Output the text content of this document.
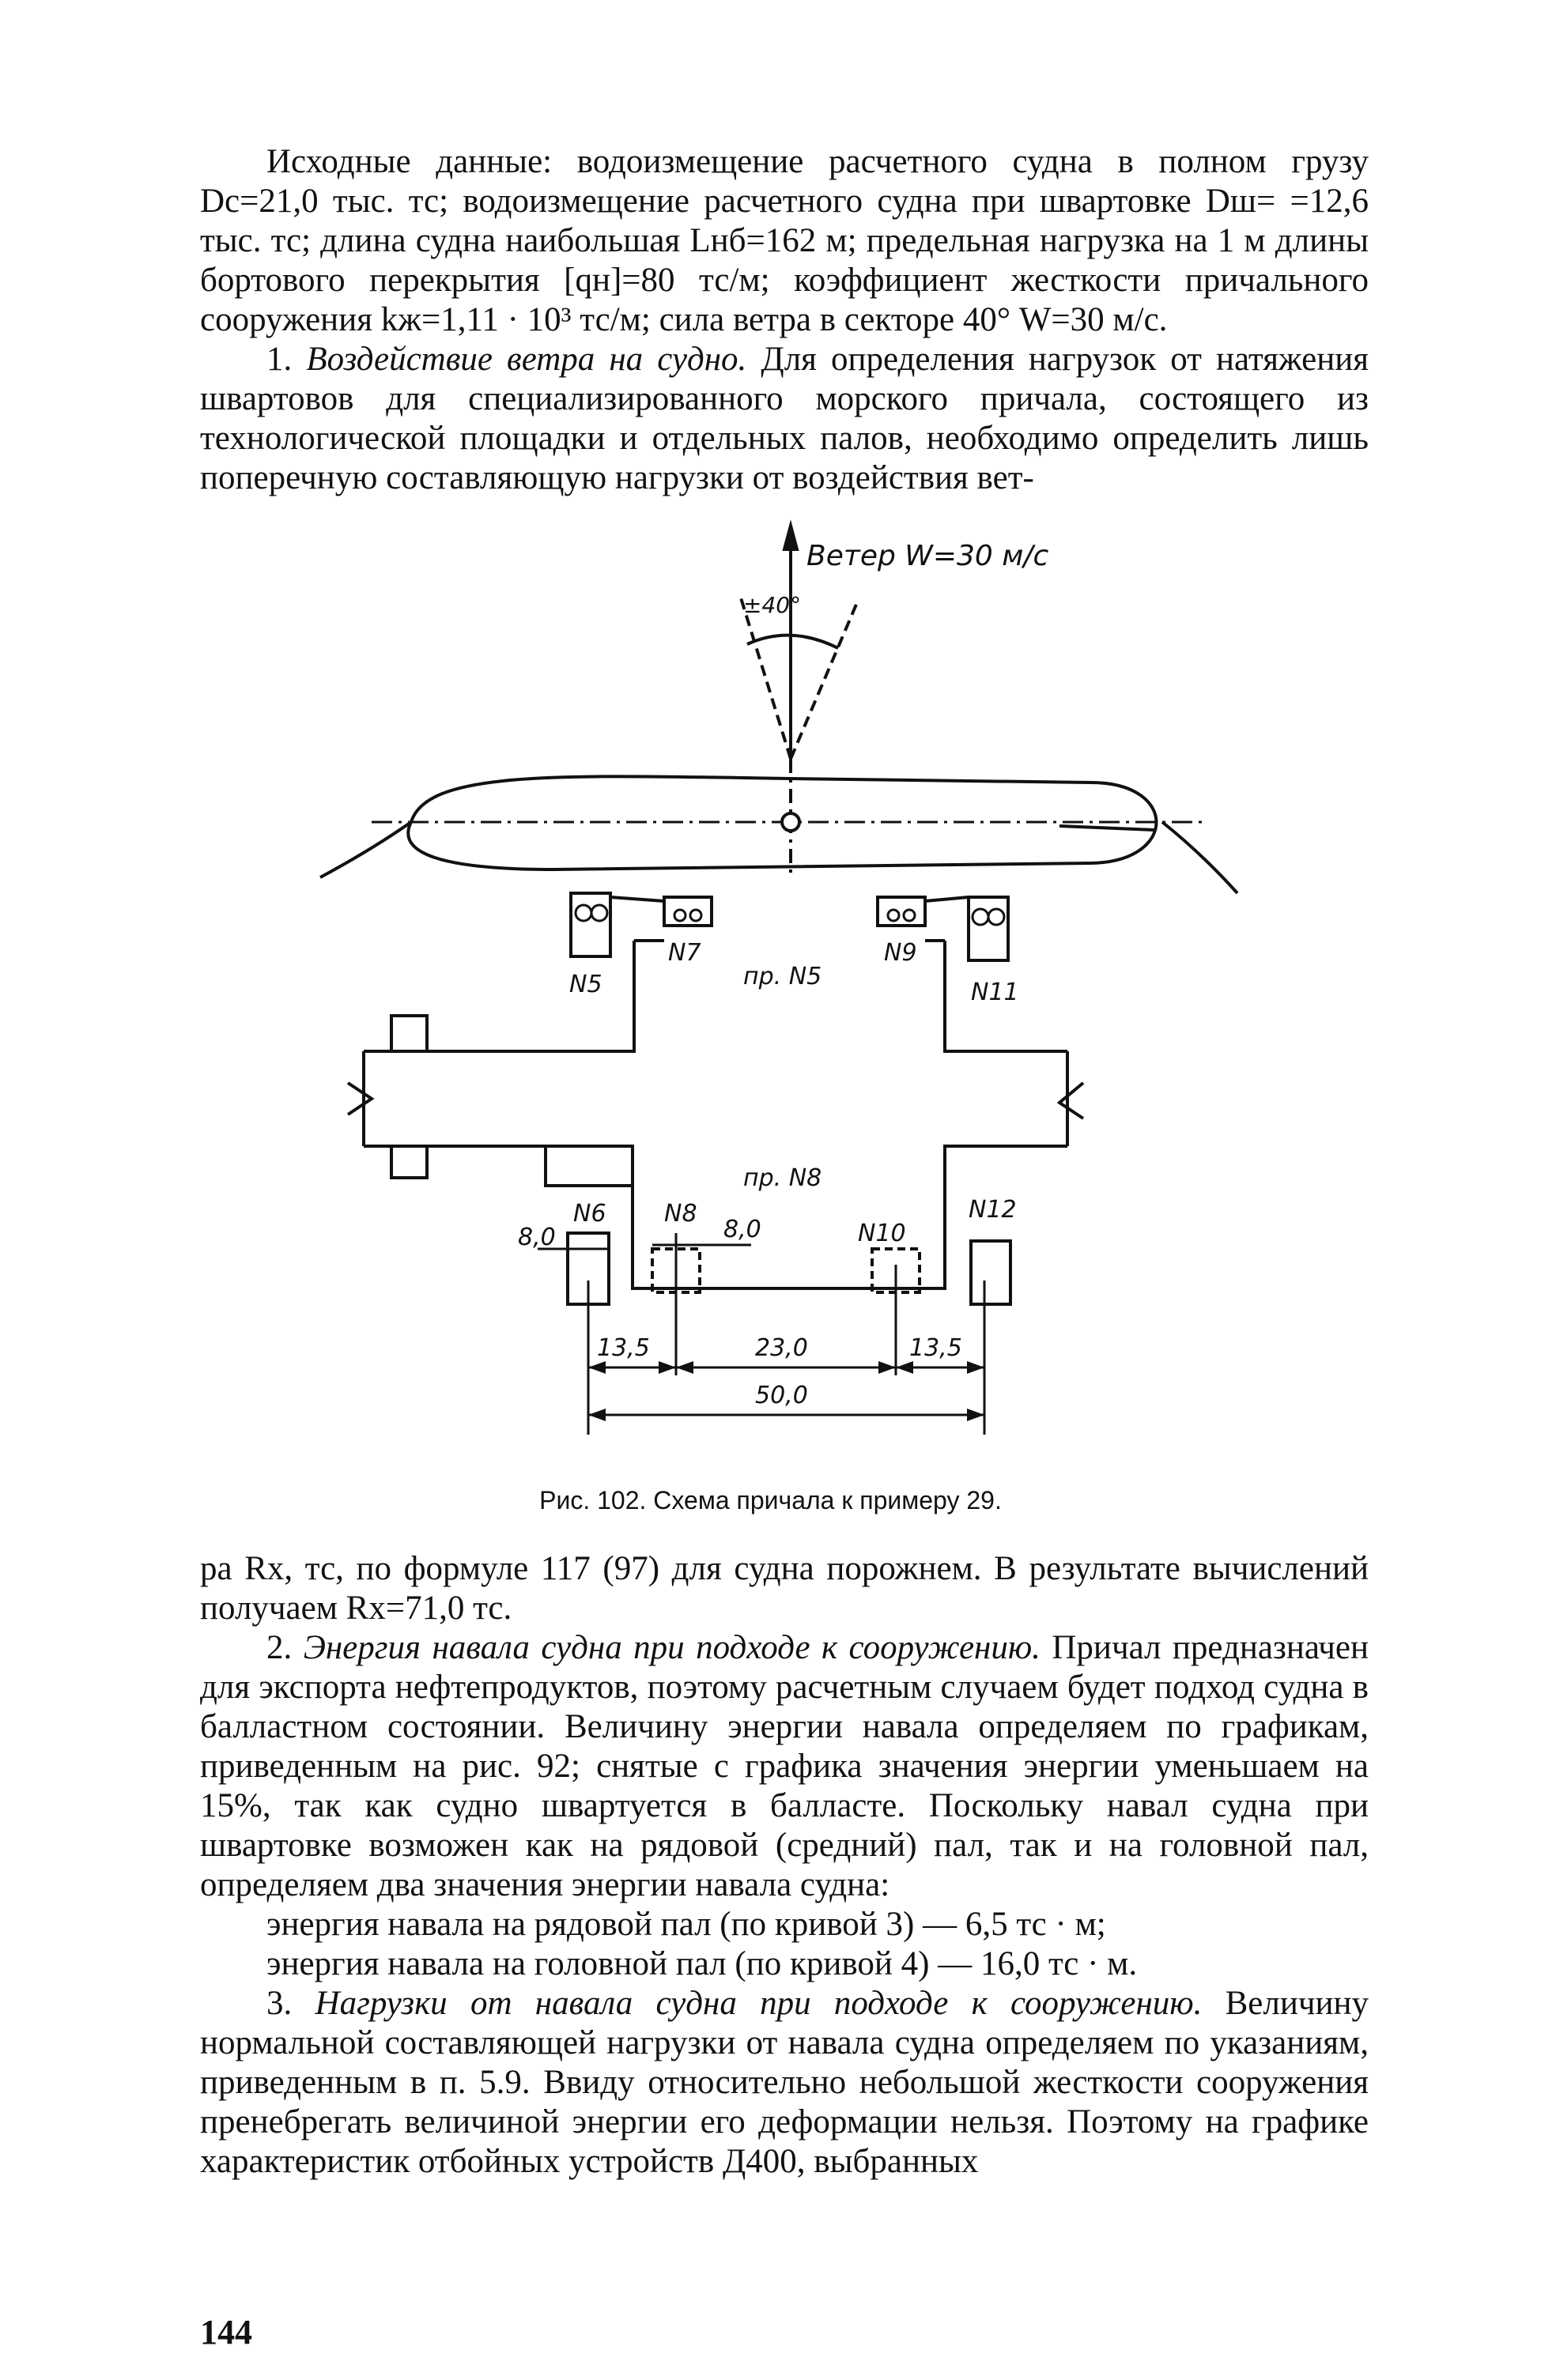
Исходные данные: водоизмещение расчетного судна в полном грузу Dс=21,0 тыс. тс; водоизмещение расчетного судна при швартовке Dш= =12,6 тыс. тс; длина судна наибольшая Lнб=162 м; предельная нагрузка на 1 м длины бортового перекрытия [qн]=80 тс/м; коэффициент жесткости причального сооружения kж=1,11 · 10³ тс/м; сила ветра в секторе 40° W=30 м/с.

1. Воздействие ветра на судно. Для определения нагрузок от натяжения швартовов для специализированного морского причала, состоящего из технологической площадки и отдельных палов, необходимо определить лишь поперечную составляющую нагрузки от воздействия вет-

Ветер W=30 м/с
±40°
N5
N7	N9
N11
пр. N5
пр. N8
N6 N8
N10
N12
8,0	8,0
13,5	23,0	13,5
50,0
Рис. 102. Схема причала к примеру 29.

ра Rx, тс, по формуле 117 (97) для судна порожнем. В результате вычислений получаем Rx=71,0 тс.

2. Энергия навала судна при подходе к сооружению. Причал предназначен для экспорта нефтепродуктов, поэтому расчетным случаем будет подход судна в балластном состоянии. Величину энергии навала определяем по графикам, приведенным на рис. 92; снятые с графика значения энергии уменьшаем на 15%, так как судно швартуется в балласте. Поскольку навал судна при швартовке возможен как на рядовой (средний) пал, так и на головной пал, определяем два значения энергии навала судна:

энергия навала на рядовой пал (по кривой 3) — 6,5 тс · м;

энергия навала на головной пал (по кривой 4) — 16,0 тс · м.

3. Нагрузки от навала судна при подходе к сооружению. Величину нормальной составляющей нагрузки от навала судна определяем по указаниям, приведенным в п. 5.9. Ввиду относительно небольшой жесткости сооружения пренебрегать величиной энергии его деформации нельзя. Поэтому на графике характеристик отбойных устройств Д400, выбранных

144
